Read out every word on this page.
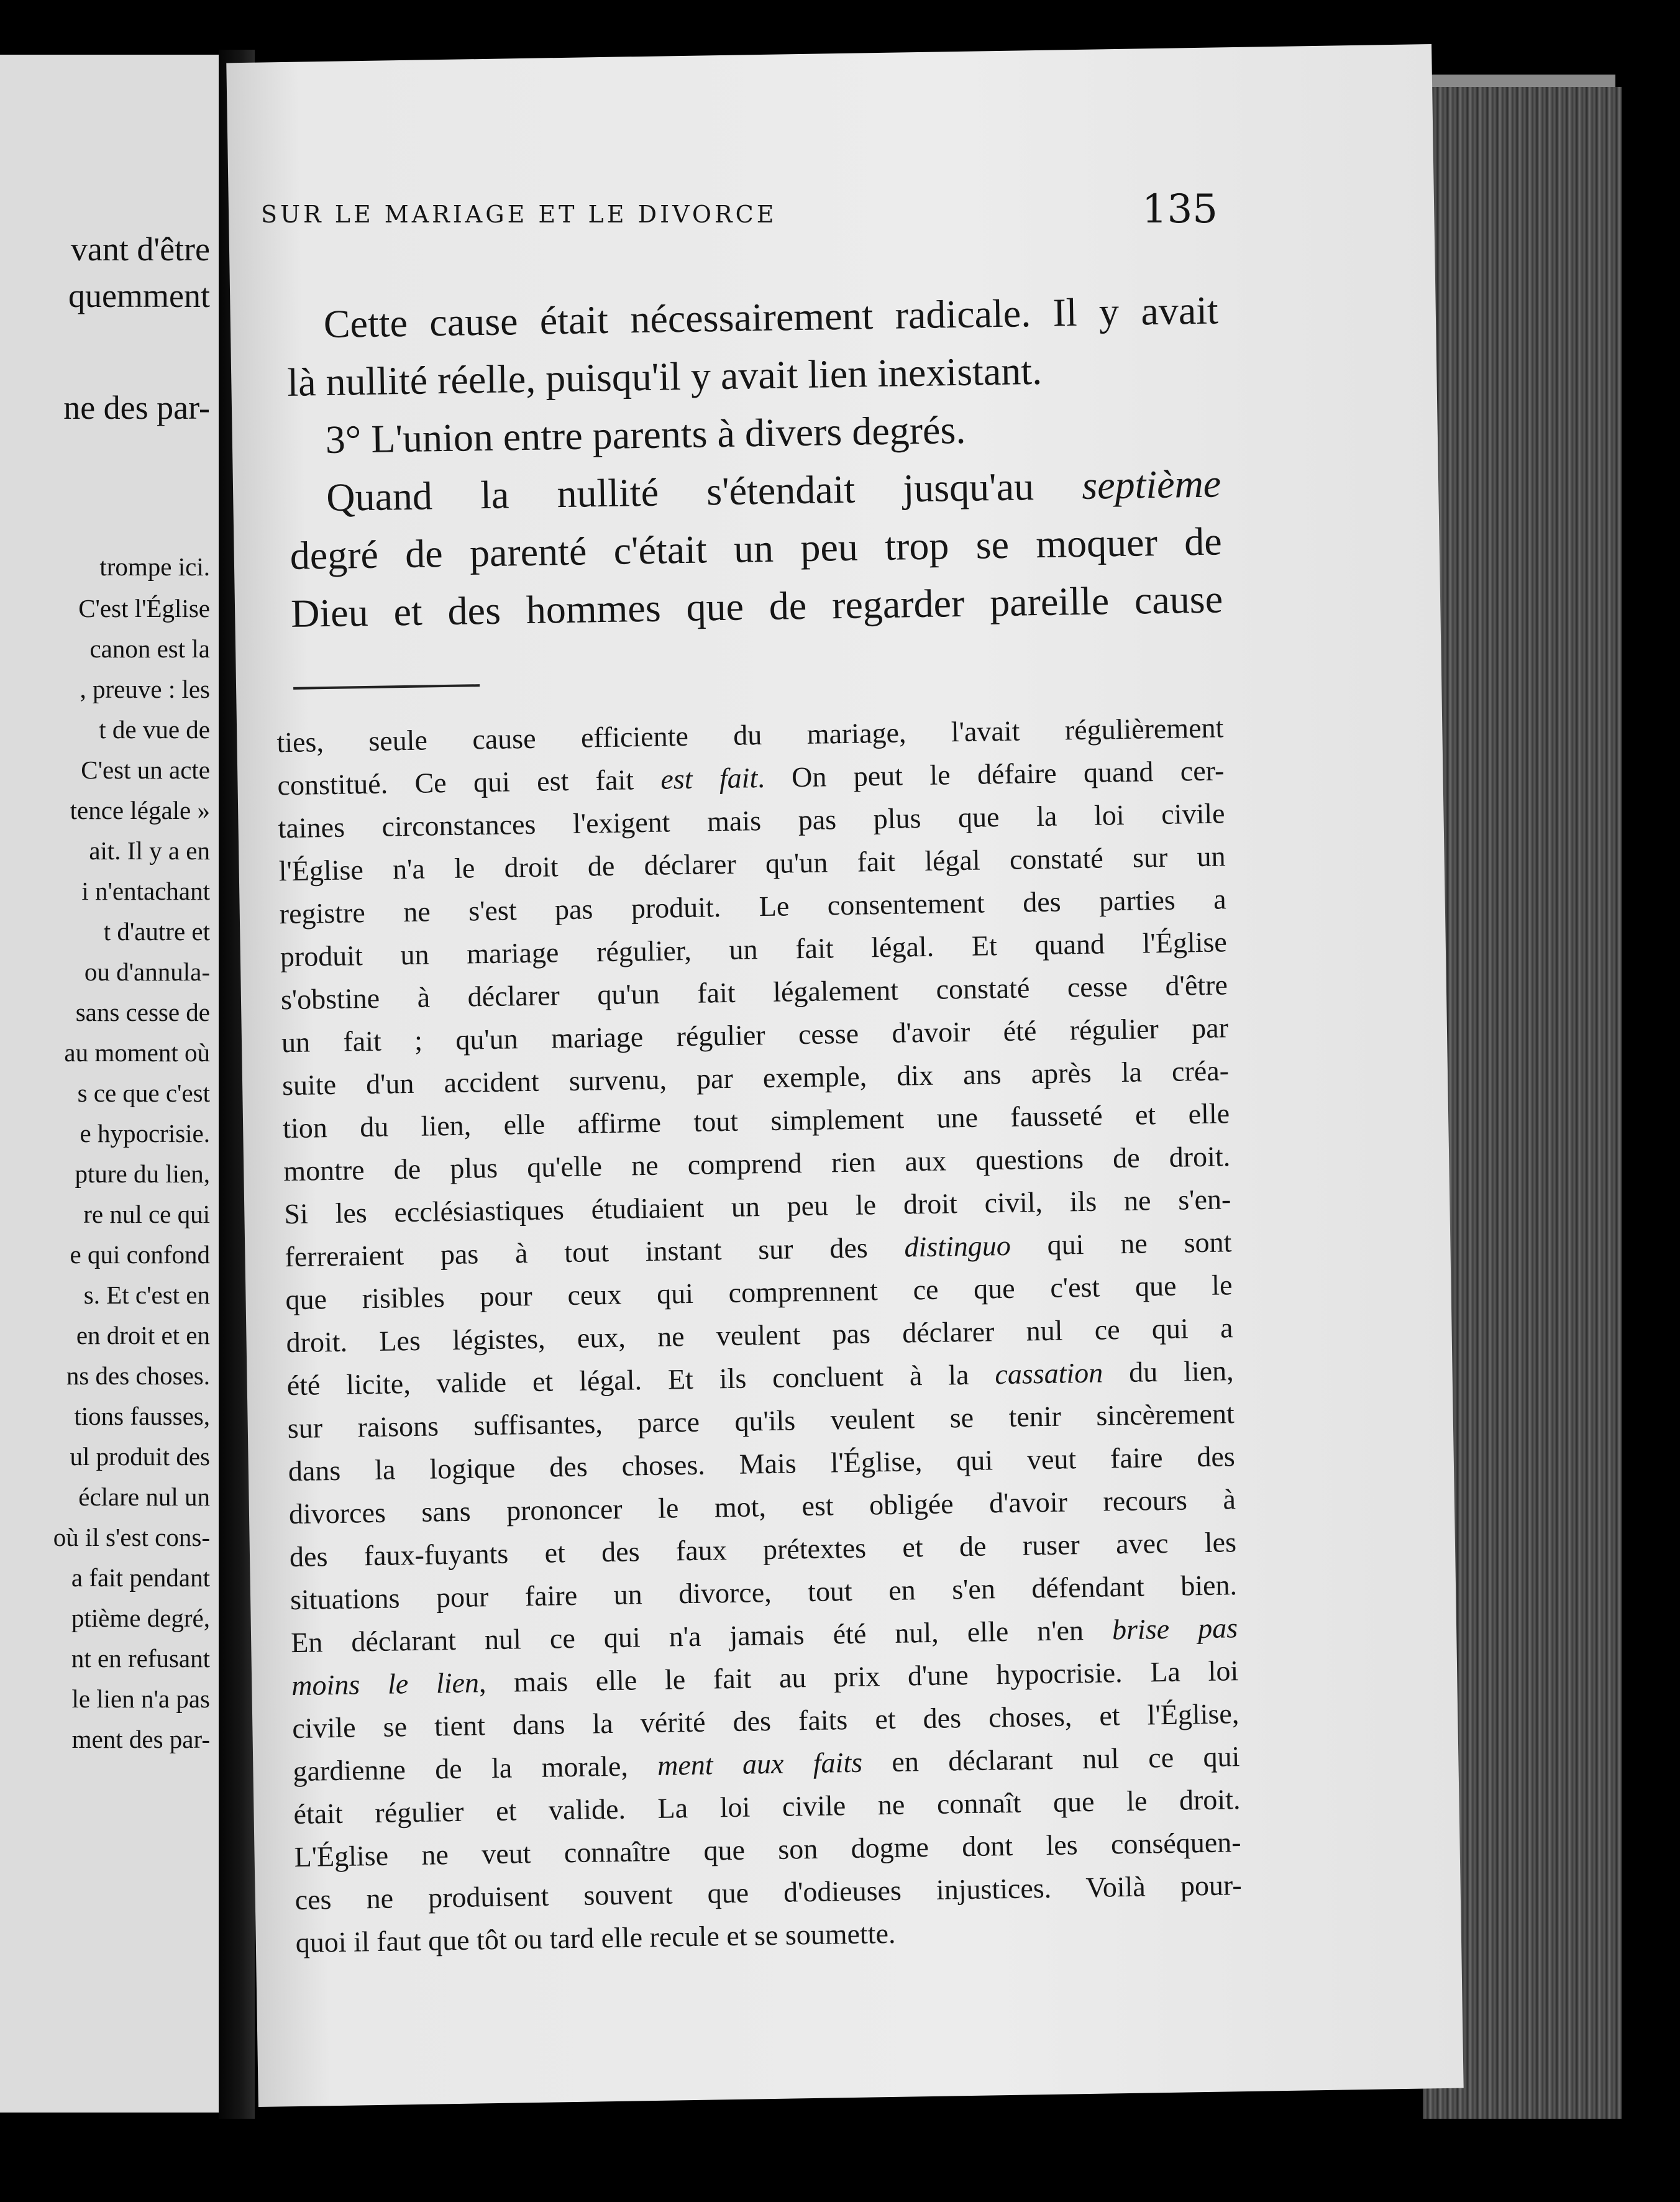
vant d'être
quemment
ne des par-
trompe ici.
C'est l'Église
canon est la
, preuve : les
t de vue de
C'est un acte
tence légale »
ait. Il y a en
i n'entachant
t d'autre et
ou d'annula-
sans cesse de
au moment où
s ce que c'est
e hypocrisie.
pture du lien,
re nul ce qui
e qui confond
s. Et c'est en
en droit et en
ns des choses.
tions fausses,
ul produit des
éclare nul un
où il s'est cons-
a fait pendant
ptième degré,
nt en refusant
le lien n'a pas
ment des par-
Cette cause était nécessairement radicale. Il y avait
là nullité réelle, puisqu'il y avait lien inexistant.
3° L'union entre parents à divers degrés.
Quand la nullité s'étendait jusqu'au septième
degré de parenté c'était un peu trop se moquer de
Dieu et des hommes que de regarder pareille cause
ties, seule cause efficiente du mariage, l'avait régulièrement
constitué. Ce qui est fait est fait. On peut le défaire quand cer-
taines circonstances l'exigent mais pas plus que la loi civile
l'Église n'a le droit de déclarer qu'un fait légal constaté sur un
registre ne s'est pas produit. Le consentement des parties a
produit un mariage régulier, un fait légal. Et quand l'Église
s'obstine à déclarer qu'un fait légalement constaté cesse d'être
un fait ; qu'un mariage régulier cesse d'avoir été régulier par
suite d'un accident survenu, par exemple, dix ans après la créa-
tion du lien, elle affirme tout simplement une fausseté et elle
montre de plus qu'elle ne comprend rien aux questions de droit.
Si les ecclésiastiques étudiaient un peu le droit civil, ils ne s'en-
ferreraient pas à tout instant sur des distinguo qui ne sont
que risibles pour ceux qui comprennent ce que c'est que le
droit. Les légistes, eux, ne veulent pas déclarer nul ce qui a
été licite, valide et légal. Et ils concluent à la cassation du lien,
sur raisons suffisantes, parce qu'ils veulent se tenir sincèrement
dans la logique des choses. Mais l'Église, qui veut faire des
divorces sans prononcer le mot, est obligée d'avoir recours à
des faux-fuyants et des faux prétextes et de ruser avec les
situations pour faire un divorce, tout en s'en défendant bien.
En déclarant nul ce qui n'a jamais été nul, elle n'en brise pas
moins le lien, mais elle le fait au prix d'une hypocrisie. La loi
civile se tient dans la vérité des faits et des choses, et l'Église,
gardienne de la morale, ment aux faits en déclarant nul ce qui
était régulier et valide. La loi civile ne connaît que le droit.
L'Église ne veut connaître que son dogme dont les conséquen-
ces ne produisent souvent que d'odieuses injustices. Voilà pour-
quoi il faut que tôt ou tard elle recule et se soumette.
SUR LE MARIAGE ET LE DIVORCE	135
